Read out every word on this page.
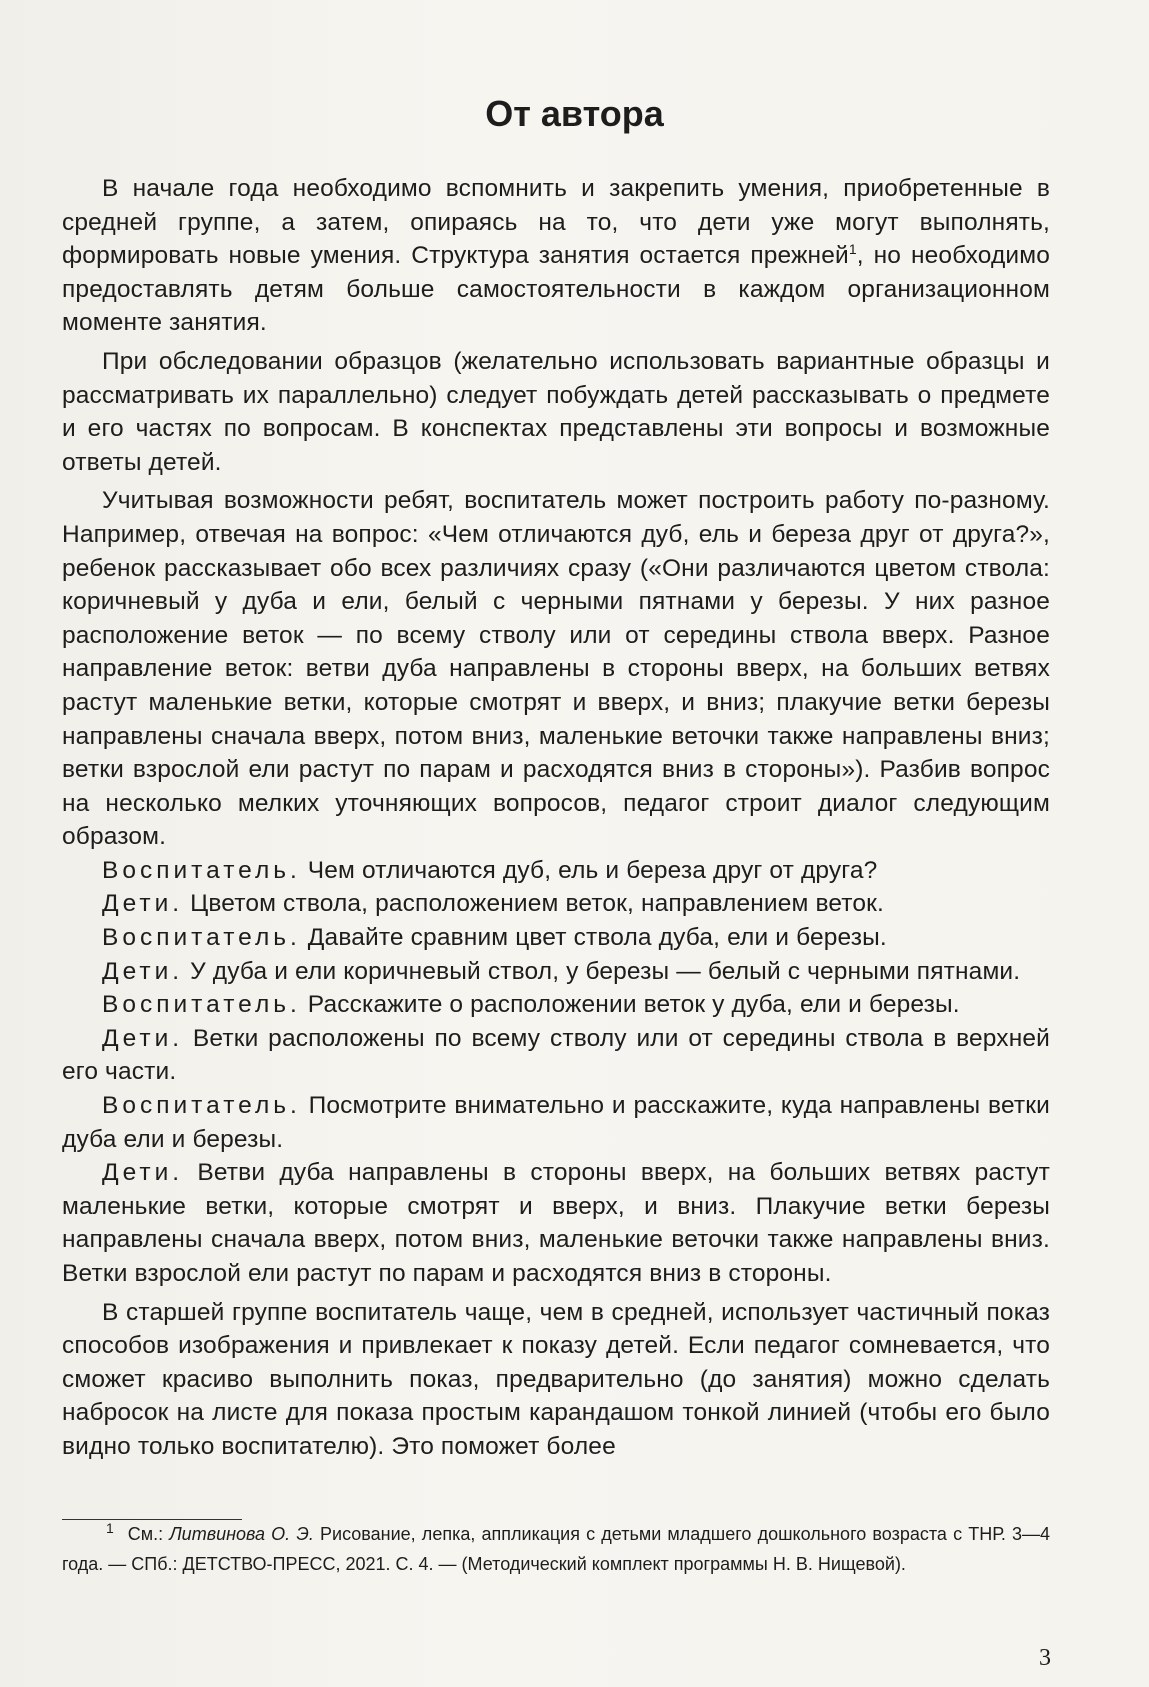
От автора

В начале года необходимо вспомнить и закрепить умения, приобретенные в средней группе, а затем, опираясь на то, что дети уже могут выполнять, формировать новые умения. Структура занятия остается прежней$^1$, но необходимо предоставлять детям больше самостоятельности в каждом организационном моменте занятия.

При обследовании образцов (желательно использовать вариантные образцы и рассматривать их параллельно) следует побуждать детей рассказывать о предмете и его частях по вопросам. В конспектах представлены эти вопросы и возможные ответы детей.

Учитывая возможности ребят, воспитатель может построить работу по-разному. Например, отвечая на вопрос: «Чем отличаются дуб, ель и береза друг от друга?», ребенок рассказывает обо всех различиях сразу («Они различаются цветом ствола: коричневый у дуба и ели, белый с черными пятнами у березы. У них разное расположение веток — по всему стволу или от середины ствола вверх. Разное направление веток: ветви дуба направлены в стороны вверх, на больших ветвях растут маленькие ветки, которые смотрят и вверх, и вниз; плакучие ветки березы направлены сначала вверх, потом вниз, маленькие веточки также направлены вниз; ветки взрослой ели растут по парам и расходятся вниз в стороны»). Разбив вопрос на несколько мелких уточняющих вопросов, педагог строит диалог следующим образом.

Воспитатель. Чем отличаются дуб, ель и береза друг от друга?

Дети. Цветом ствола, расположением веток, направлением веток.

Воспитатель. Давайте сравним цвет ствола дуба, ели и березы.

Дети. У дуба и ели коричневый ствол, у березы — белый с черными пятнами.

Воспитатель. Расскажите о расположении веток у дуба, ели и березы.

Дети. Ветки расположены по всему стволу или от середины ствола в верхней его части.

Воспитатель. Посмотрите внимательно и расскажите, куда направлены ветки дуба ели и березы.

Дети. Ветви дуба направлены в стороны вверх, на больших ветвях растут маленькие ветки, которые смотрят и вверх, и вниз. Плакучие ветки березы направлены сначала вверх, потом вниз, маленькие веточки также направлены вниз. Ветки взрослой ели растут по парам и расходятся вниз в стороны.

В старшей группе воспитатель чаще, чем в средней, использует частичный показ способов изображения и привлекает к показу детей. Если педагог сомневается, что сможет красиво выполнить показ, предварительно (до занятия) можно сделать набросок на листе для показа простым карандашом тонкой линией (чтобы его было видно только воспитателю). Это поможет более

1 См.: Литвинова О. Э. Рисование, лепка, аппликация с детьми младшего дошкольного возраста с ТНР. 3—4 года. — СПб.: ДЕТСТВО-ПРЕСС, 2021. С. 4. — (Методический комплект программы Н. В. Нищевой).
3
